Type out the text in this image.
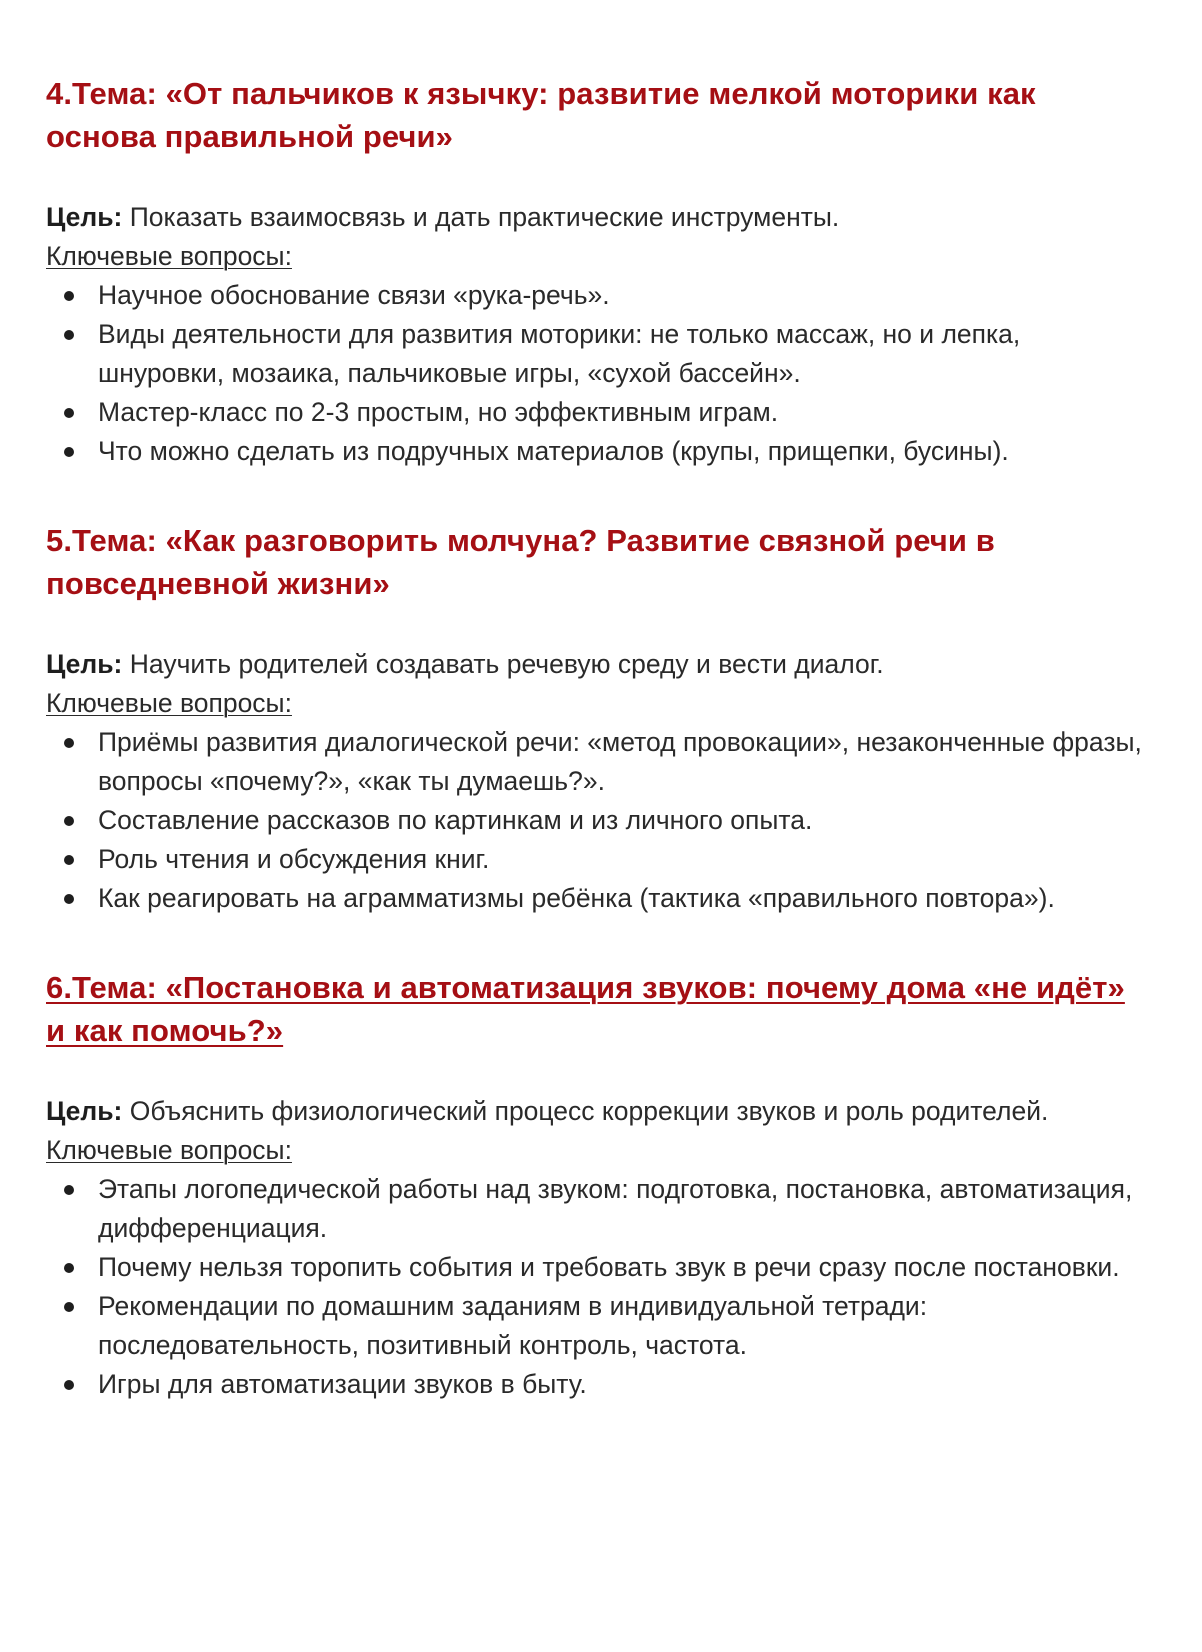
4.Тема: «От пальчиков к язычку: развитие мелкой моторики как основа правильной речи»

Цель: Показать взаимосвязь и дать практические инструменты.

Ключевые вопросы:
Научное обоснование связи «рука-речь».
Виды деятельности для развития моторики: не только массаж, но и лепка, шнуровки, мозаика, пальчиковые игры, «сухой бассейн».
Мастер-класс по 2-3 простым, но эффективным играм.
Что можно сделать из подручных материалов (крупы, прищепки, бусины).
5.Тема: «Как разговорить молчуна? Развитие связной речи в повседневной жизни»

Цель: Научить родителей создавать речевую среду и вести диалог.

Ключевые вопросы:
Приёмы развития диалогической речи: «метод провокации», незаконченные фразы, вопросы «почему?», «как ты думаешь?».
Составление рассказов по картинкам и из личного опыта.
Роль чтения и обсуждения книг.
Как реагировать на аграмматизмы ребёнка (тактика «правильного повтора»).
6.Тема: «Постановка и автоматизация звуков: почему дома «не идёт» и как помочь?»

Цель: Объяснить физиологический процесс коррекции звуков и роль родителей.

Ключевые вопросы:
Этапы логопедической работы над звуком: подготовка, постановка, автоматизация, дифференциация.
Почему нельзя торопить события и требовать звук в речи сразу после постановки.
Рекомендации по домашним заданиям в индивидуальной тетради: последовательность, позитивный контроль, частота.
Игры для автоматизации звуков в быту.
